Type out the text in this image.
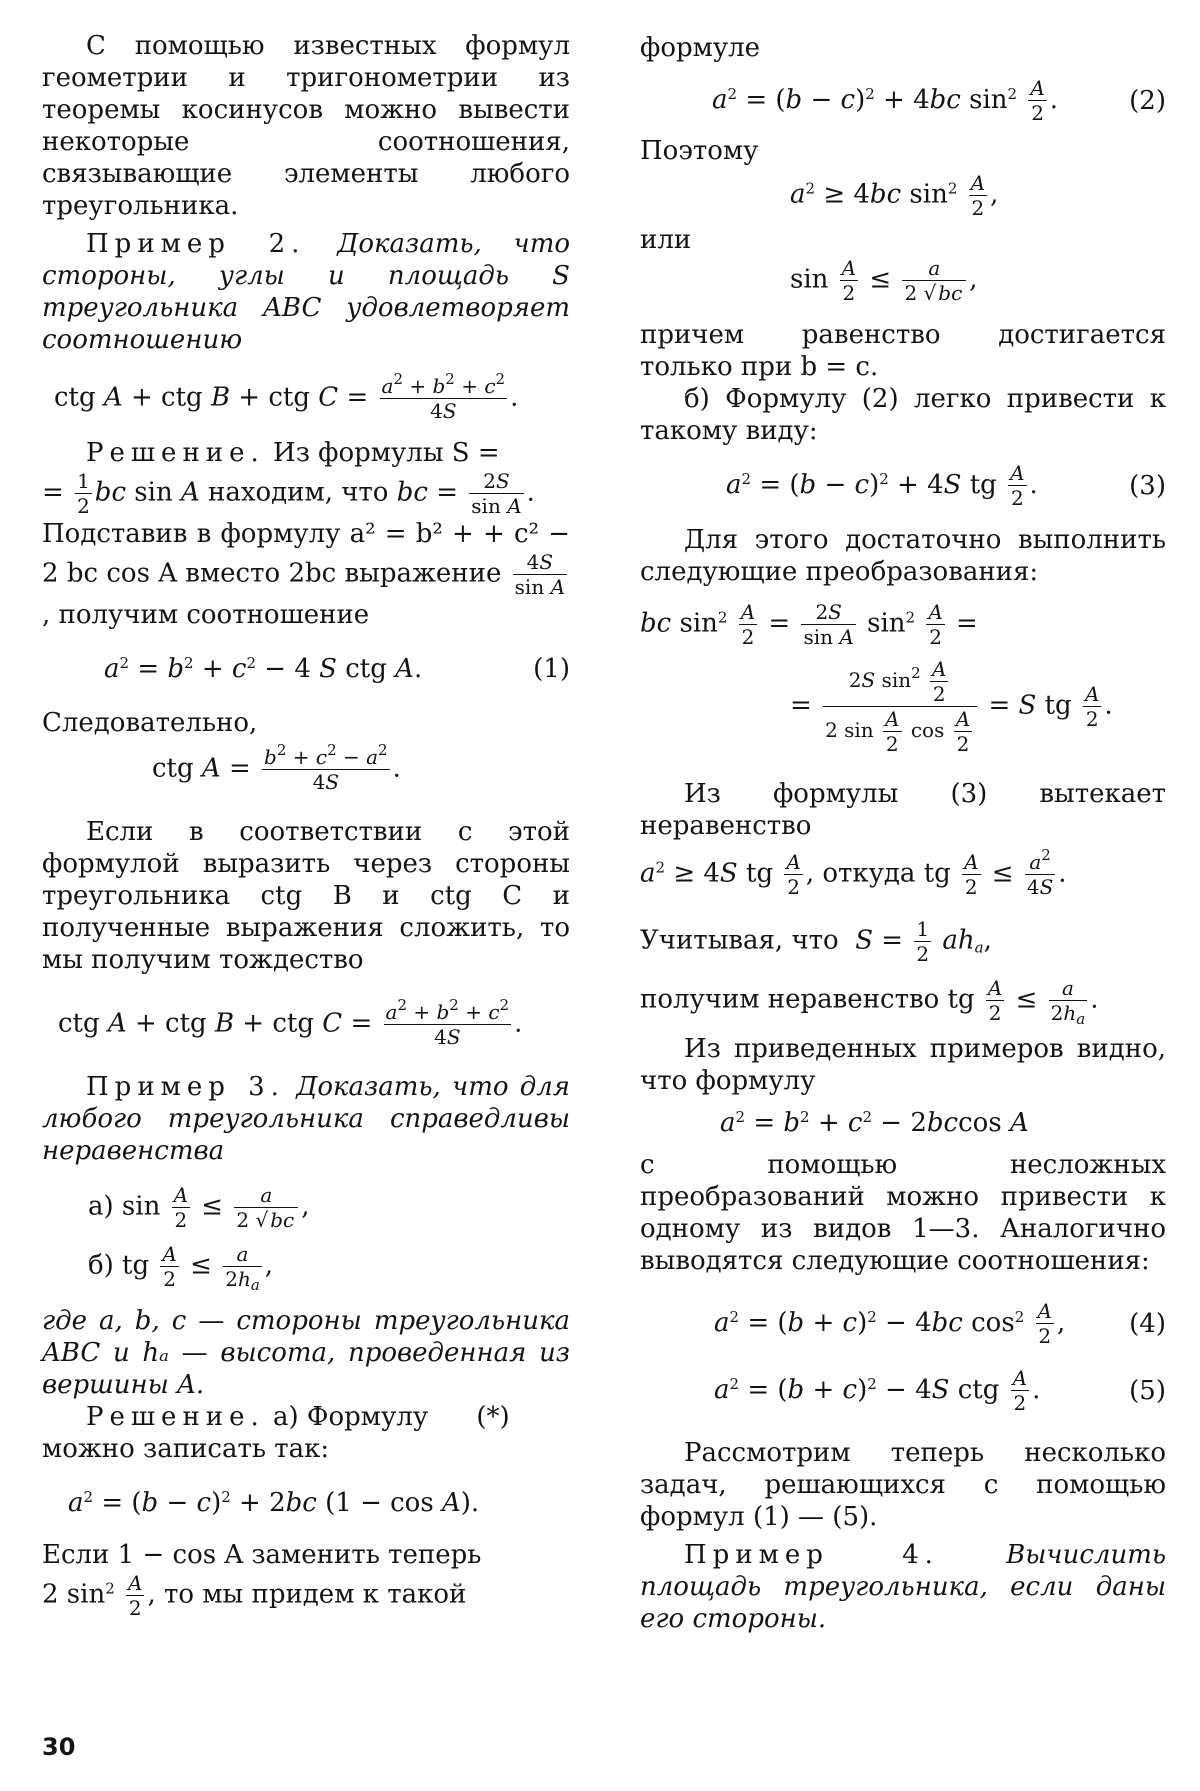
С помощью известных формул геометрии и тригонометрии из теоремы косинусов можно вывести некоторые соотношения, связывающие элементы любого треугольника.

Пример 2. Доказать, что стороны, углы и площадь S треугольника ABC удовлетворяет соотношению

ctg A + ctg B + ctg $C = \frac{a^2 + b^2 + c^2}{4S}$ .

Решение. Из формулы S =

= $\frac{1}{2}$ bc sin A находим, что bc = $\frac{2S}{\text{sin A}}$ .

Подставив в формулу a² = b² + + c² − 2 bc cos A вместо 2bc выражение $\frac{4S}{\text{sin A}}$
, получим соотношение

$a^2 = b^2 + c^2 - 4$ S ctg A.	(1)

Следовательно,

ctg $A = \frac{b^2 + c^2 - a^2}{4S}$ .

Если в соответствии с этой формулой выразить через стороны треугольника ctg B и ctg C и полученные выражения сложить, то мы получим тождество

ctg A + ctg B + ctg $C = \frac{a^2 + b^2 + c^2}{4S}$ .

Пример 3. Доказать, что для любого треугольника справедливы неравенства

а) $\sin \frac{A}{2} \le \frac{a}{2 √ bc}$ ,
б) tg $\frac{A}{2} \le \frac{a}{2h_a}$ ,

где a, b, c — стороны треугольника ABC и hₐ — высота, проведенная из вершины A.

Решение. а) Формулу (*)

можно записать так:

$a^2 = (b - c)^2 + 2bc$ (1 − cos A).

Если 1 − cos A заменить теперь

2 $\sin^2 \frac{A}{2}$ , то мы придем к такой

формуле

$a^2 = (b - c)^2 + 4bc$ $\sin^2 \frac{A}{2}$ .	(2)

Поэтому

$a^2 \ge 4bc$ $\sin^2 \frac{A}{2}$ ,

или

$\sin \frac{A}{2} \le \frac{a}{2 √ bc}$ ,

причем равенство достигается только при b = c.

б) Формулу (2) легко привести к такому виду:

$a^2 = (b - c)^2 + 4S$ tg $\frac{A}{2}$ .	(3)

Для этого достаточно выполнить следующие преобразования:

bc $\sin^2 \frac{A}{2} = \frac{2S}{\text{sin A}} \sin^2 \frac{A}{2}$ =
= $\frac{2S \sin^2 \frac{A}{2}}{2 \sin \frac{A}{2} \cos \frac{A}{2}} = S$ tg $\frac{A}{2}$ .

Из формулы (3) вытекает неравенство

$a^2 \ge 4S$ tg $\frac{A}{2}$ , откуда tg $\frac{A}{2} \le \frac{a^2}{4S}$ .

Учитывая, что $S = \frac{1}{2} ah_a$,

получим неравенство tg $\frac{A}{2} \le \frac{a}{2h_a}$ .

Из приведенных примеров видно, что формулу

$a^2 = b^2 + c^2 - 2bccos$ A

с помощью несложных преобразований можно привести к одному из видов 1—3. Аналогично выводятся следующие соотношения:

$a^2 = (b + c)^2 - 4bc$ $\cos^2 \frac{A}{2}$ , (4)
$a^2 = (b + c)^2 - 4S$ ctg $\frac{A}{2}$ .	(5)

Рассмотрим теперь несколько задач, решающихся с помощью формул (1) — (5).

Пример 4.	Вычислить площадь треугольника, если даны его стороны.

30
